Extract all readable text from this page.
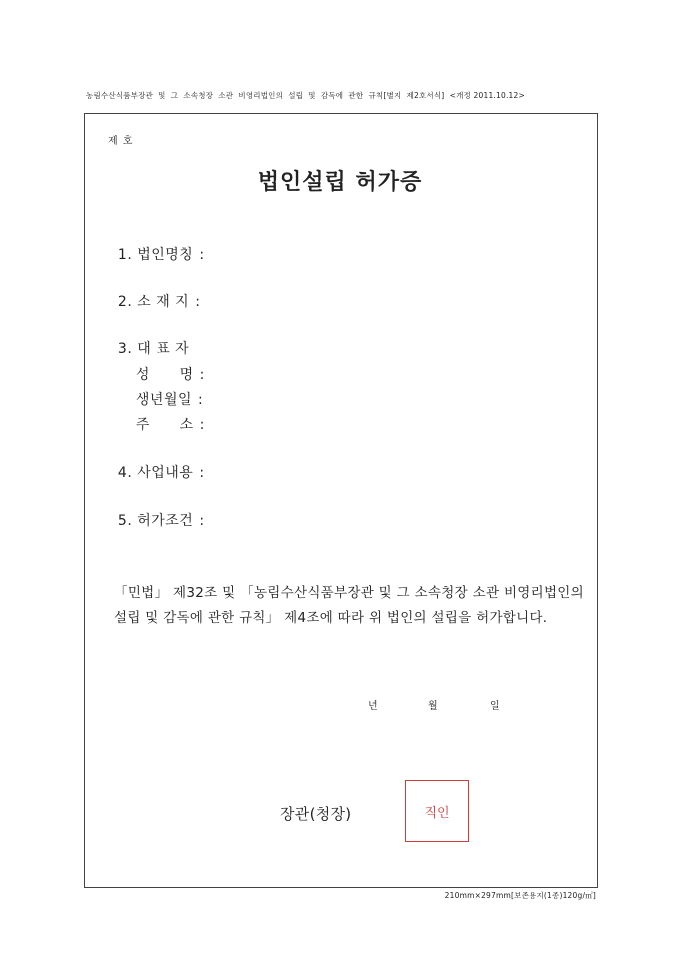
농림수산식품부장관  및  그  소속청장  소관  비영리법인의  설립  및  감독에  관한  규칙[별지  제2호서식]  <개정 2011.10.12>
제 호
법인설립 허가증

1. 법인명칭 :

2. 소 재 지 :

3. 대 표 자

성      명 :

생년월일 :

주      소 :

4. 사업내용 :

5. 허가조건 :

「민법」 제32조 및 「농림수산식품부장관 및 그 소속청장 소관 비영리법인의 설립 및 감독에 관한 규칙」 제4조에 따라 위 법인의 설립을 허가합니다.
년	월	일
장관(청장)	직인
210mm×297mm[보존용지(1종)120g/㎡]
